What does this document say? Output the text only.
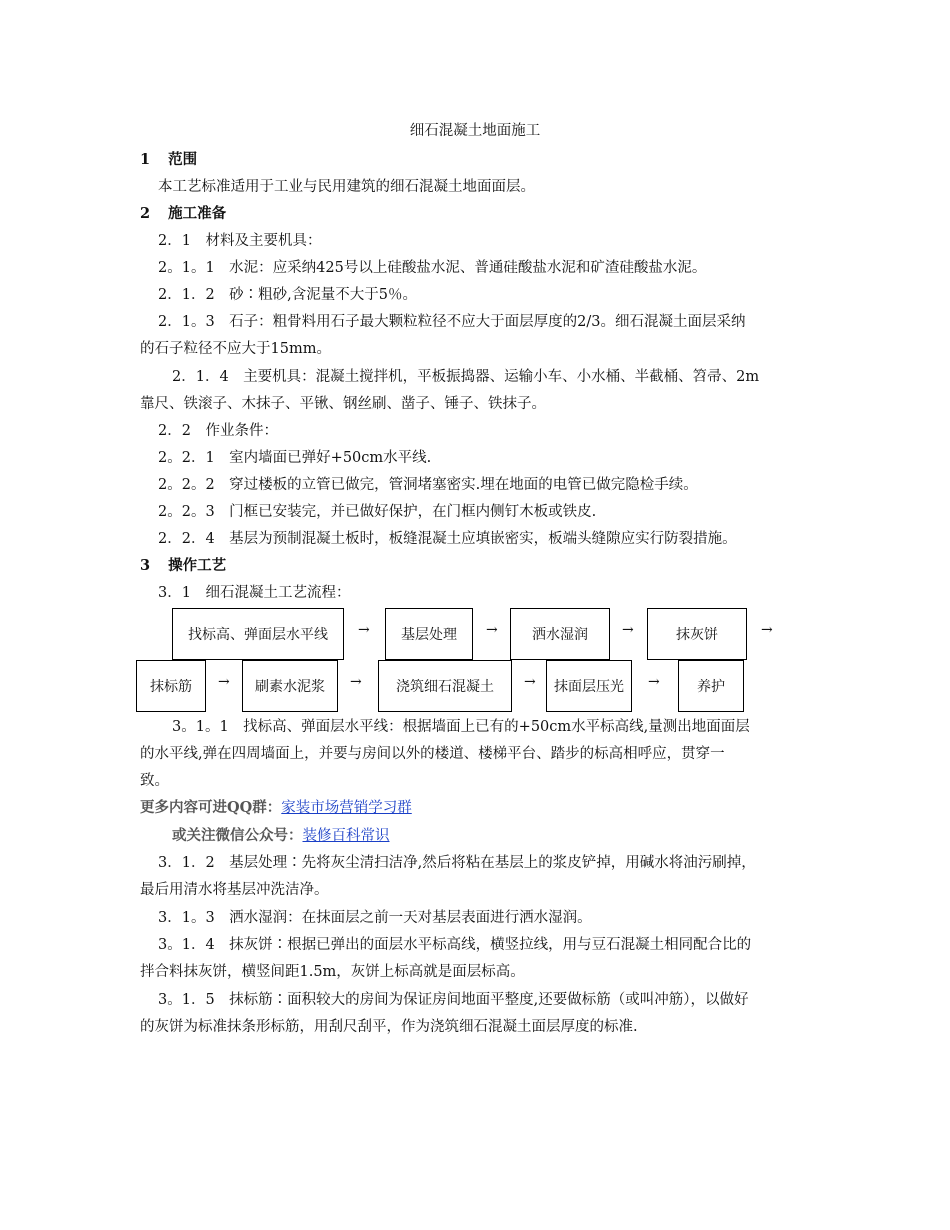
细石混凝土地面施工
1 范围
本工艺标准适用于工业与民用建筑的细石混凝土地面面层。
2 施工准备
2．1　材料及主要机具：
2。1。1　水泥：应采纳425号以上硅酸盐水泥、普通硅酸盐水泥和矿渣硅酸盐水泥。
2．1．2　砂∶粗砂,含泥量不大于5％。
2．1。3　石子：粗骨料用石子最大颗粒粒径不应大于面层厚度的2/3。细石混凝土面层采纳
的石子粒径不应大于15mm。
2．1．4　主要机具：混凝土搅拌机，平板振捣器、运输小车、小水桶、半截桶、笤帚、2m
靠尺、铁滚子、木抹子、平锹、钢丝刷、凿子、锤子、铁抹子。
2．2　作业条件：
2。2．1　室内墙面已弹好+50cm水平线.
2。2。2　穿过楼板的立管已做完，管洞堵塞密实.埋在地面的电管已做完隐检手续。
2。2。3　门框已安装完，并已做好保护，在门框内侧钉木板或铁皮.
2．2．4　基层为预制混凝土板时，板缝混凝土应填嵌密实，板端头缝隙应实行防裂措施。
3 操作工艺
3．1　细石混凝土工艺流程：
找标高、弹面层水平线	→	基层处理	→	洒水湿润	→	抹灰饼	→
抹标筋	→	刷素水泥浆	→	浇筑细石混凝土	→	抹面层压光	→	养护
3。1。1　找标高、弹面层水平线：根据墙面上已有的+50cm水平标高线,量测出地面面层
的水平线,弹在四周墙面上，并要与房间以外的楼道、楼梯平台、踏步的标高相呼应，贯穿一
致。
更多内容可进QQ群：家装市场营销学习群
或关注微信公众号：装修百科常识
3．1．2　基层处理∶先将灰尘清扫洁净,然后将粘在基层上的浆皮铲掉，用碱水将油污刷掉，
最后用清水将基层冲洗洁净。
3．1。3　洒水湿润：在抹面层之前一天对基层表面进行洒水湿润。
3。1．4　抹灰饼∶根据已弹出的面层水平标高线，横竖拉线，用与豆石混凝土相同配合比的
拌合料抹灰饼，横竖间距1.5m，灰饼上标高就是面层标高。
3。1．5　抹标筋∶面积较大的房间为保证房间地面平整度,还要做标筋（或叫冲筋），以做好
的灰饼为标准抹条形标筋，用刮尺刮平，作为浇筑细石混凝土面层厚度的标准.
